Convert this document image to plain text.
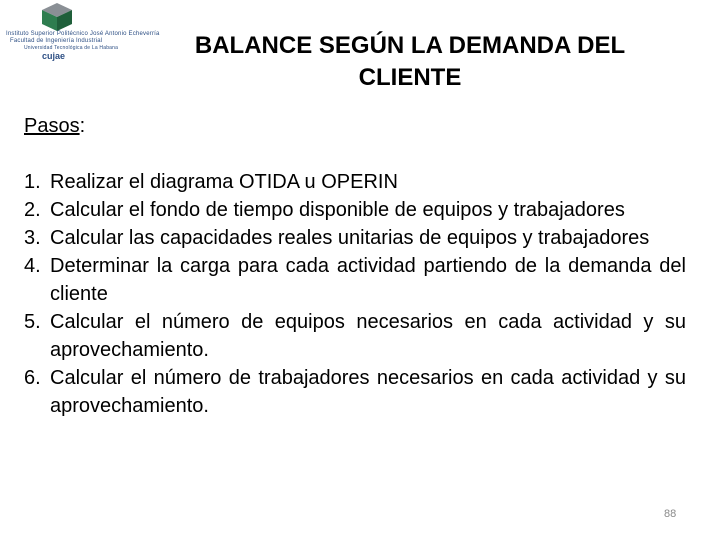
Instituto Superior Politécnico José Antonio Echeverría
Facultad de Ingeniería Industrial
Universidad Tecnológica de La Habana
cujae	BALANCE SEGÚN LA DEMANDA DEL
CLIENTE
Pasos:
1. Realizar el diagrama OTIDA u OPERIN
2. Calcular el fondo de tiempo disponible de equipos y trabajadores
3. Calcular las capacidades reales unitarias de equipos y trabajadores
4. Determinar la carga para cada actividad partiendo de la demanda del cliente
5. Calcular el número de equipos necesarios en cada actividad y su aprovechamiento.
6. Calcular el número de trabajadores necesarios en cada actividad y su aprovechamiento.
88
